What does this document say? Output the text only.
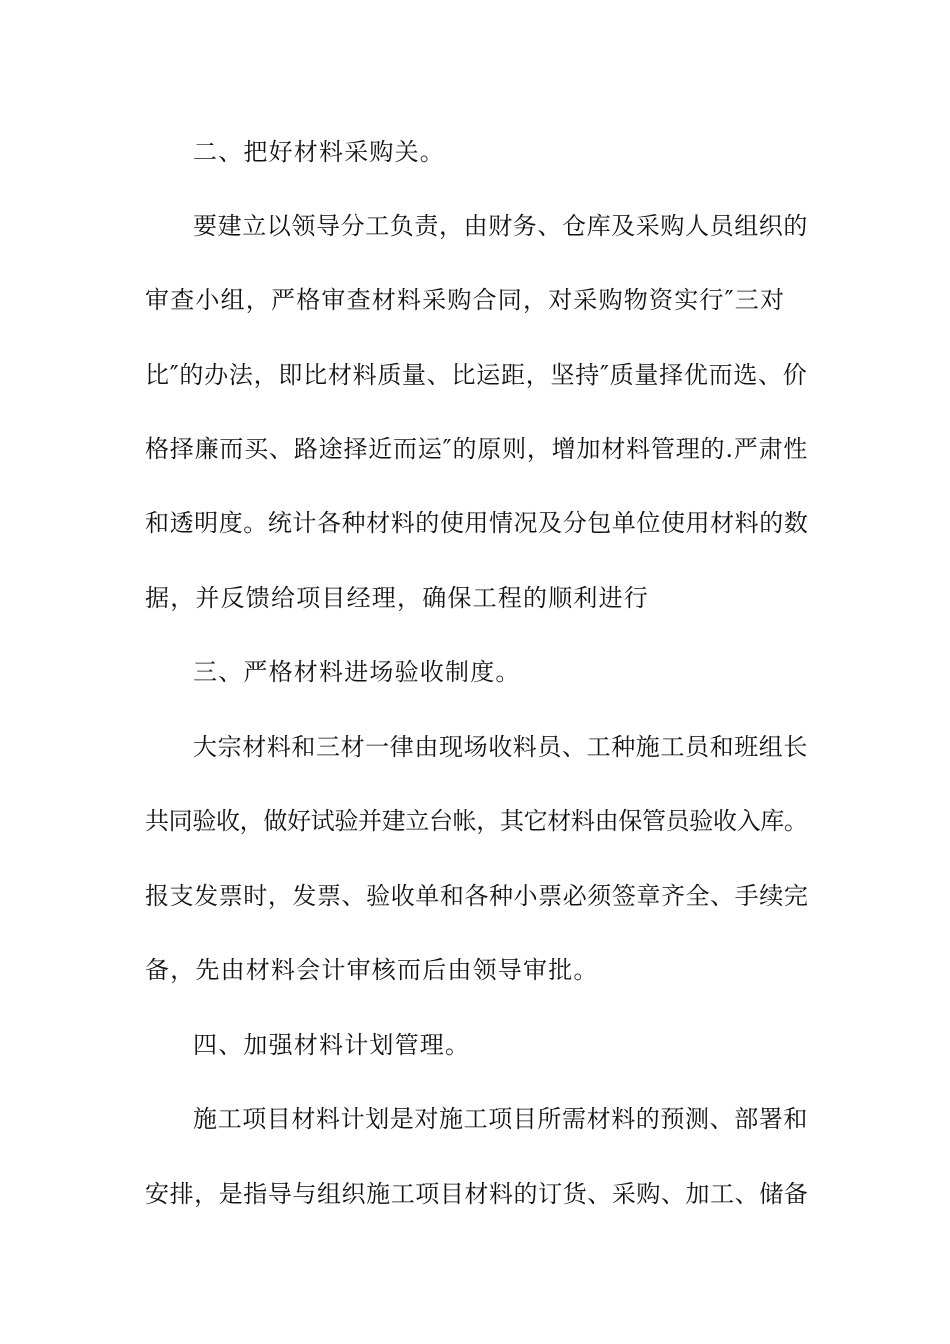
二、把好材料采购关。
要建立以领导分工负责，由财务、仓库及采购人员组织的
审查小组，严格审查材料采购合同，对采购物资实行″三对
比″的办法，即比材料质量、比运距，坚持″质量择优而选、价
格择廉而买、路途择近而运″的原则，增加材料管理的.严肃性
和透明度。统计各种材料的使用情况及分包单位使用材料的数
据，并反馈给项目经理，确保工程的顺利进行
三、严格材料进场验收制度。
大宗材料和三材一律由现场收料员、工种施工员和班组长
共同验收，做好试验并建立台帐，其它材料由保管员验收入库。
报支发票时，发票、验收单和各种小票必须签章齐全、手续完
备，先由材料会计审核而后由领导审批。
四、加强材料计划管理。
施工项目材料计划是对施工项目所需材料的预测、部署和
安排，是指导与组织施工项目材料的订货、采购、加工、储备
